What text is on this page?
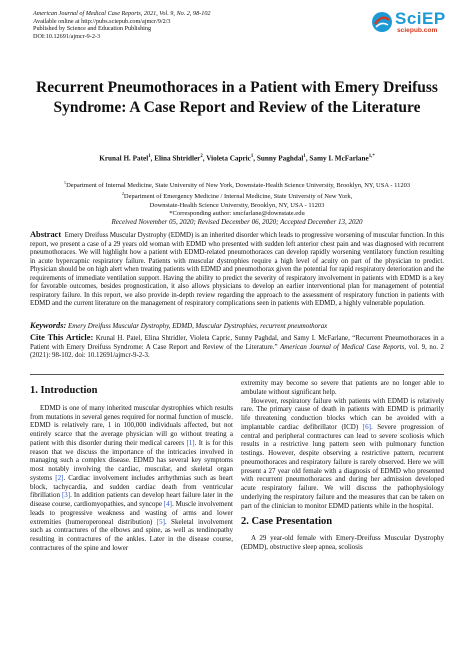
American Journal of Medical Case Reports, 2021, Vol. 9, No. 2, 98-102
Available online at http://pubs.sciepub.com/ajmcr/9/2/3
Published by Science and Education Publishing
DOI:10.12691/ajmcr-9-2-3
SciEP
sciepub.com
Recurrent Pneumothoraces in a Patient with Emery Dreifuss Syndrome: A Case Report and Review of the Literature
Krunal H. Patel$^1$, Elina Shtridler$^2$, Violeta Capric$^1$, Sunny Paghdal$^1$, Samy I. McFarlane$^{1,*}$
$^1$Department of Internal Medicine, State University of New York, Downstate-Health Science University, Brooklyn, NY, USA - 11203
$^2$Department of Emergency Medicine / Internal Medicine, State University of New York,
Downstate-Health Science University, Brooklyn, NY, USA - 11203
*Corresponding author: smcfarlane@downstate.edu
Received November 05, 2020; Revised December 06, 2020; Accepted December 13, 2020
Abstract Emery Dreifuss Muscular Dystrophy (EDMD) is an inherited disorder which leads to progressive worsening of muscular function. In this report, we present a case of a 29 years old woman with EDMD who presented with sudden left anterior chest pain and was diagnosed with recurrent pneumothoraces. We will highlight how a patient with EDMD-related pneumothoraces can develop rapidly worsening ventilatory function resulting in acute hypercapnic respiratory failure. Patients with muscular dystrophies require a high level of acuity on part of the physician to predict. Physician should be on high alert when treating patients with EDMD and pneumothorax given the potential for rapid respiratory deterioration and the requirements of immediate ventilation support. Having the ability to predict the severity of respiratory involvement in patients with EDMD is a key for favorable outcomes, besides prognostication, it also allows physicians to develop an earlier interventional plan for management of potential respiratory failure. In this report, we also provide in-depth review regarding the approach to the assessment of respiratory function in patients with EDMD and the current literature on the management of respiratory complications seen in patients with EDMD, a highly vulnerable population.
Keywords: Emery Dreifuss Muscular Dystrophy, EDMD, Muscular Dystrophies, recurrent pneumothorax
Cite This Article: Krunal H. Patel, Elina Shtridler, Violeta Capric, Sunny Paghdal, and Samy I. McFarlane, “Recurrent Pneumothoraces in a Patient with Emery Dreifuss Syndrome: A Case Report and Review of the Literature.” American Journal of Medical Case Reports, vol. 9, no. 2 (2021): 98-102. doi: 10.12691/ajmcr-9-2-3.

1. Introduction

EDMD is one of many inherited muscular dystrophies which results from mutations in several genes required for normal function of muscle. EDMD is relatively rare, 1 in 100,000 individuals affected, but not entirely scarce that the average physician will go without treating a patient with this disorder during their medical careers [1]. It is for this reason that we discuss the importance of the intricacies involved in managing such a complex disease. EDMD has several key symptoms most notably involving the cardiac, muscular, and skeletal organ systems [2]. Cardiac involvement includes arrhythmias such as heart block, tachycardia, and sudden cardiac death from ventricular fibrillation [3]. In addition patients can develop heart failure later in the disease course, cardiomyopathies, and syncope [4]. Muscle involvement leads to progressive weakness and wasting of arms and lower extremities (humeroperoneal distribution) [5]. Skeletal involvement such as contractures of the elbows and spine, as well as tendinopathy resulting in contractures of the ankles. Later in the disease course, contractures of the spine and lower

extremity may become so severe that patients are no longer able to ambulate without significant help.

However, respiratory failure with patients with EDMD is relatively rare. The primary cause of death in patients with EDMD is primarily life threatening conduction blocks which can be avoided with a implantable cardiac defibrillator (ICD) [6]. Severe progression of central and peripheral contractures can lead to severe scoliosis which results in a restrictive lung pattern seen with pulmonary function testings. However, despite observing a restrictive pattern, recurrent pneumothoraces and respiratory failure is rarely observed. Here we will present a 27 year old female with a diagnosis of EDMD who presented with recurrent pneumothoraces and during her admission developed acute respiratory failure. We will discuss the pathophysiology underlying the respiratory failure and the measures that can be taken on part of the clinician to monitor EDMD patients while in the hospital.

2. Case Presentation

A 29 year-old female with Emery-Dreifuss Muscular Dystrophy (EDMD), obstructive sleep apnea, scoliosis
